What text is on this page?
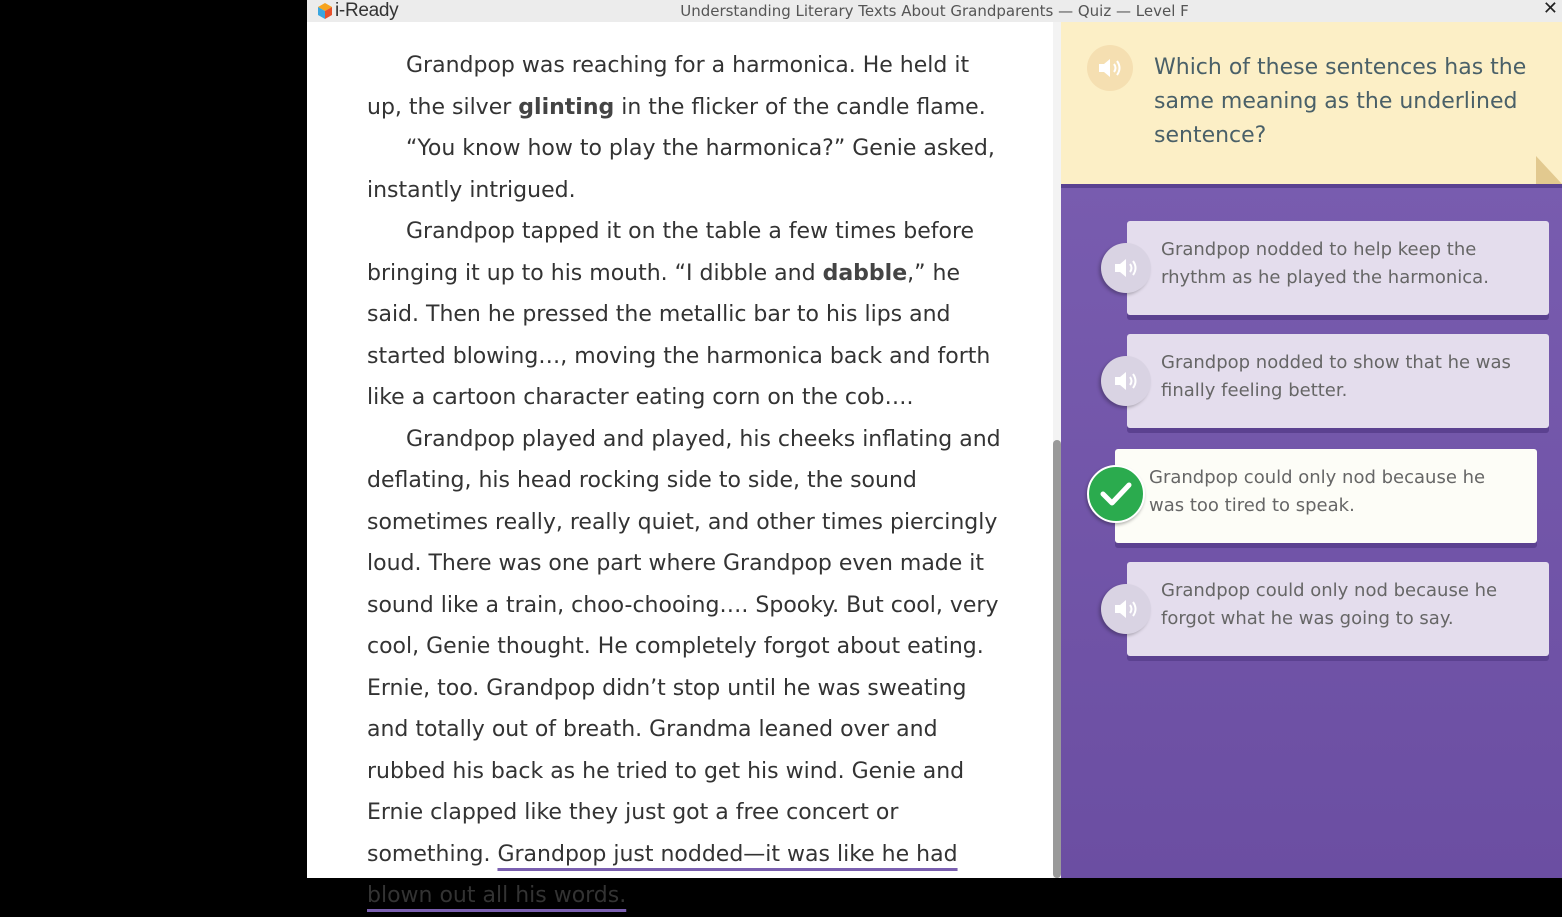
i-Ready	Understanding Literary Texts About Grandparents — Quiz — Level F	✕

Grandpop was reaching for a harmonica. He held it up, the silver glinting in the flicker of the candle flame.

“You know how to play the harmonica?” Genie asked, instantly intrigued.

Grandpop tapped it on the table a few times before bringing it up to his mouth. “I dibble and dabble,” he said. Then he pressed the metallic bar to his lips and started blowing…, moving the harmonica back and forth like a cartoon character eating corn on the cob….

Grandpop played and played, his cheeks inflating and deflating, his head rocking side to side, the sound sometimes really, really quiet, and other times piercingly loud. There was one part where Grandpop even made it sound like a train, choo-chooing…. Spooky. But cool, very cool, Genie thought. He completely forgot about eating. Ernie, too. Grandpop didn’t stop until he was sweating and totally out of breath. Grandma leaned over and rubbed his back as he tried to get his wind. Genie and Ernie clapped like they just got a free concert or something. Grandpop just nodded—it was like he had blown out all his words.

Which of these sentences has the same meaning as the underlined sentence?
Grandpop nodded to help keep the rhythm as he played the harmonica.
Grandpop nodded to show that he was finally feeling better.
Grandpop could only nod because he was too tired to speak.
Grandpop could only nod because he forgot what he was going to say.
